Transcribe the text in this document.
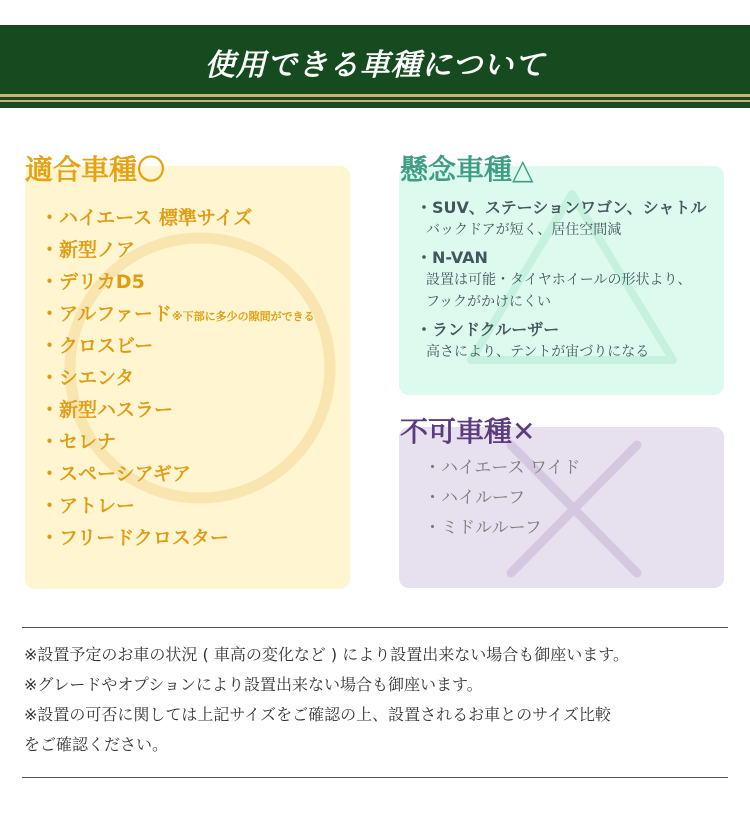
使用できる車種について
適合車種〇
・ハイエース 標準サイズ
・新型ノア
・デリカD5
・アルファード※下部に多少の隙間ができる
・クロスビー
・シエンタ
・新型ハスラー
・セレナ
・スペーシアギア
・アトレー
・フリードクロスター
懸念車種△
・SUV、ステーションワゴン、シャトル
バックドアが短く、居住空間減
・N-VAN
設置は可能・タイヤホイールの形状より、
フックがかけにくい
・ランドクルーザー
高さにより、テントが宙づりになる
不可車種✕
・ハイエース ワイド
・ハイルーフ
・ミドルルーフ

※設置予定のお車の状況 ( 車高の変化など ) により設置出来ない場合も御座います。

※グレードやオプションにより設置出来ない場合も御座います。

※設置の可否に関しては上記サイズをご確認の上、設置されるお車とのサイズ比較

をご確認ください。
